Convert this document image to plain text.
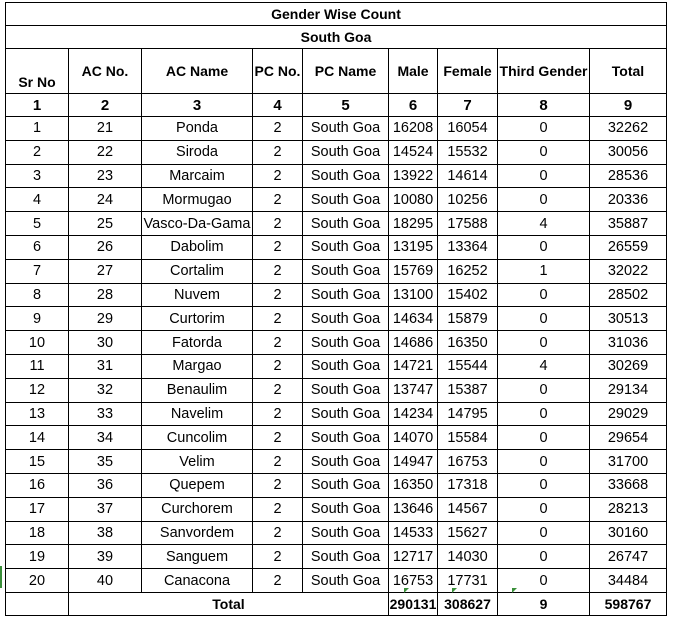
Gender Wise Count								
South Goa								
Sr No	AC No.	AC Name	PC No.	PC Name	Male	Female	Third Gender	Total
1	2	3	4	5	6	7	8	9
1	21	Ponda	2	South Goa	16208	16054	0	32262
2	22	Siroda	2	South Goa	14524	15532	0	30056
3	23	Marcaim	2	South Goa	13922	14614	0	28536
4	24	Mormugao	2	South Goa	10080	10256	0	20336
5	25	Vasco-Da-Gama	2	South Goa	18295	17588	4	35887
6	26	Dabolim	2	South Goa	13195	13364	0	26559
7	27	Cortalim	2	South Goa	15769	16252	1	32022
8	28	Nuvem	2	South Goa	13100	15402	0	28502
9	29	Curtorim	2	South Goa	14634	15879	0	30513
10	30	Fatorda	2	South Goa	14686	16350	0	31036
11	31	Margao	2	South Goa	14721	15544	4	30269
12	32	Benaulim	2	South Goa	13747	15387	0	29134
13	33	Navelim	2	South Goa	14234	14795	0	29029
14	34	Cuncolim	2	South Goa	14070	15584	0	29654
15	35	Velim	2	South Goa	14947	16753	0	31700
16	36	Quepem	2	South Goa	16350	17318	0	33668
17	37	Curchorem	2	South Goa	13646	14567	0	28213
18	38	Sanvordem	2	South Goa	14533	15627	0	30160
19	39	Sanguem	2	South Goa	12717	14030	0	26747
20	40	Canacona	2	South Goa	16753	17731	0	34484
	Total				290131	308627	9	598767
